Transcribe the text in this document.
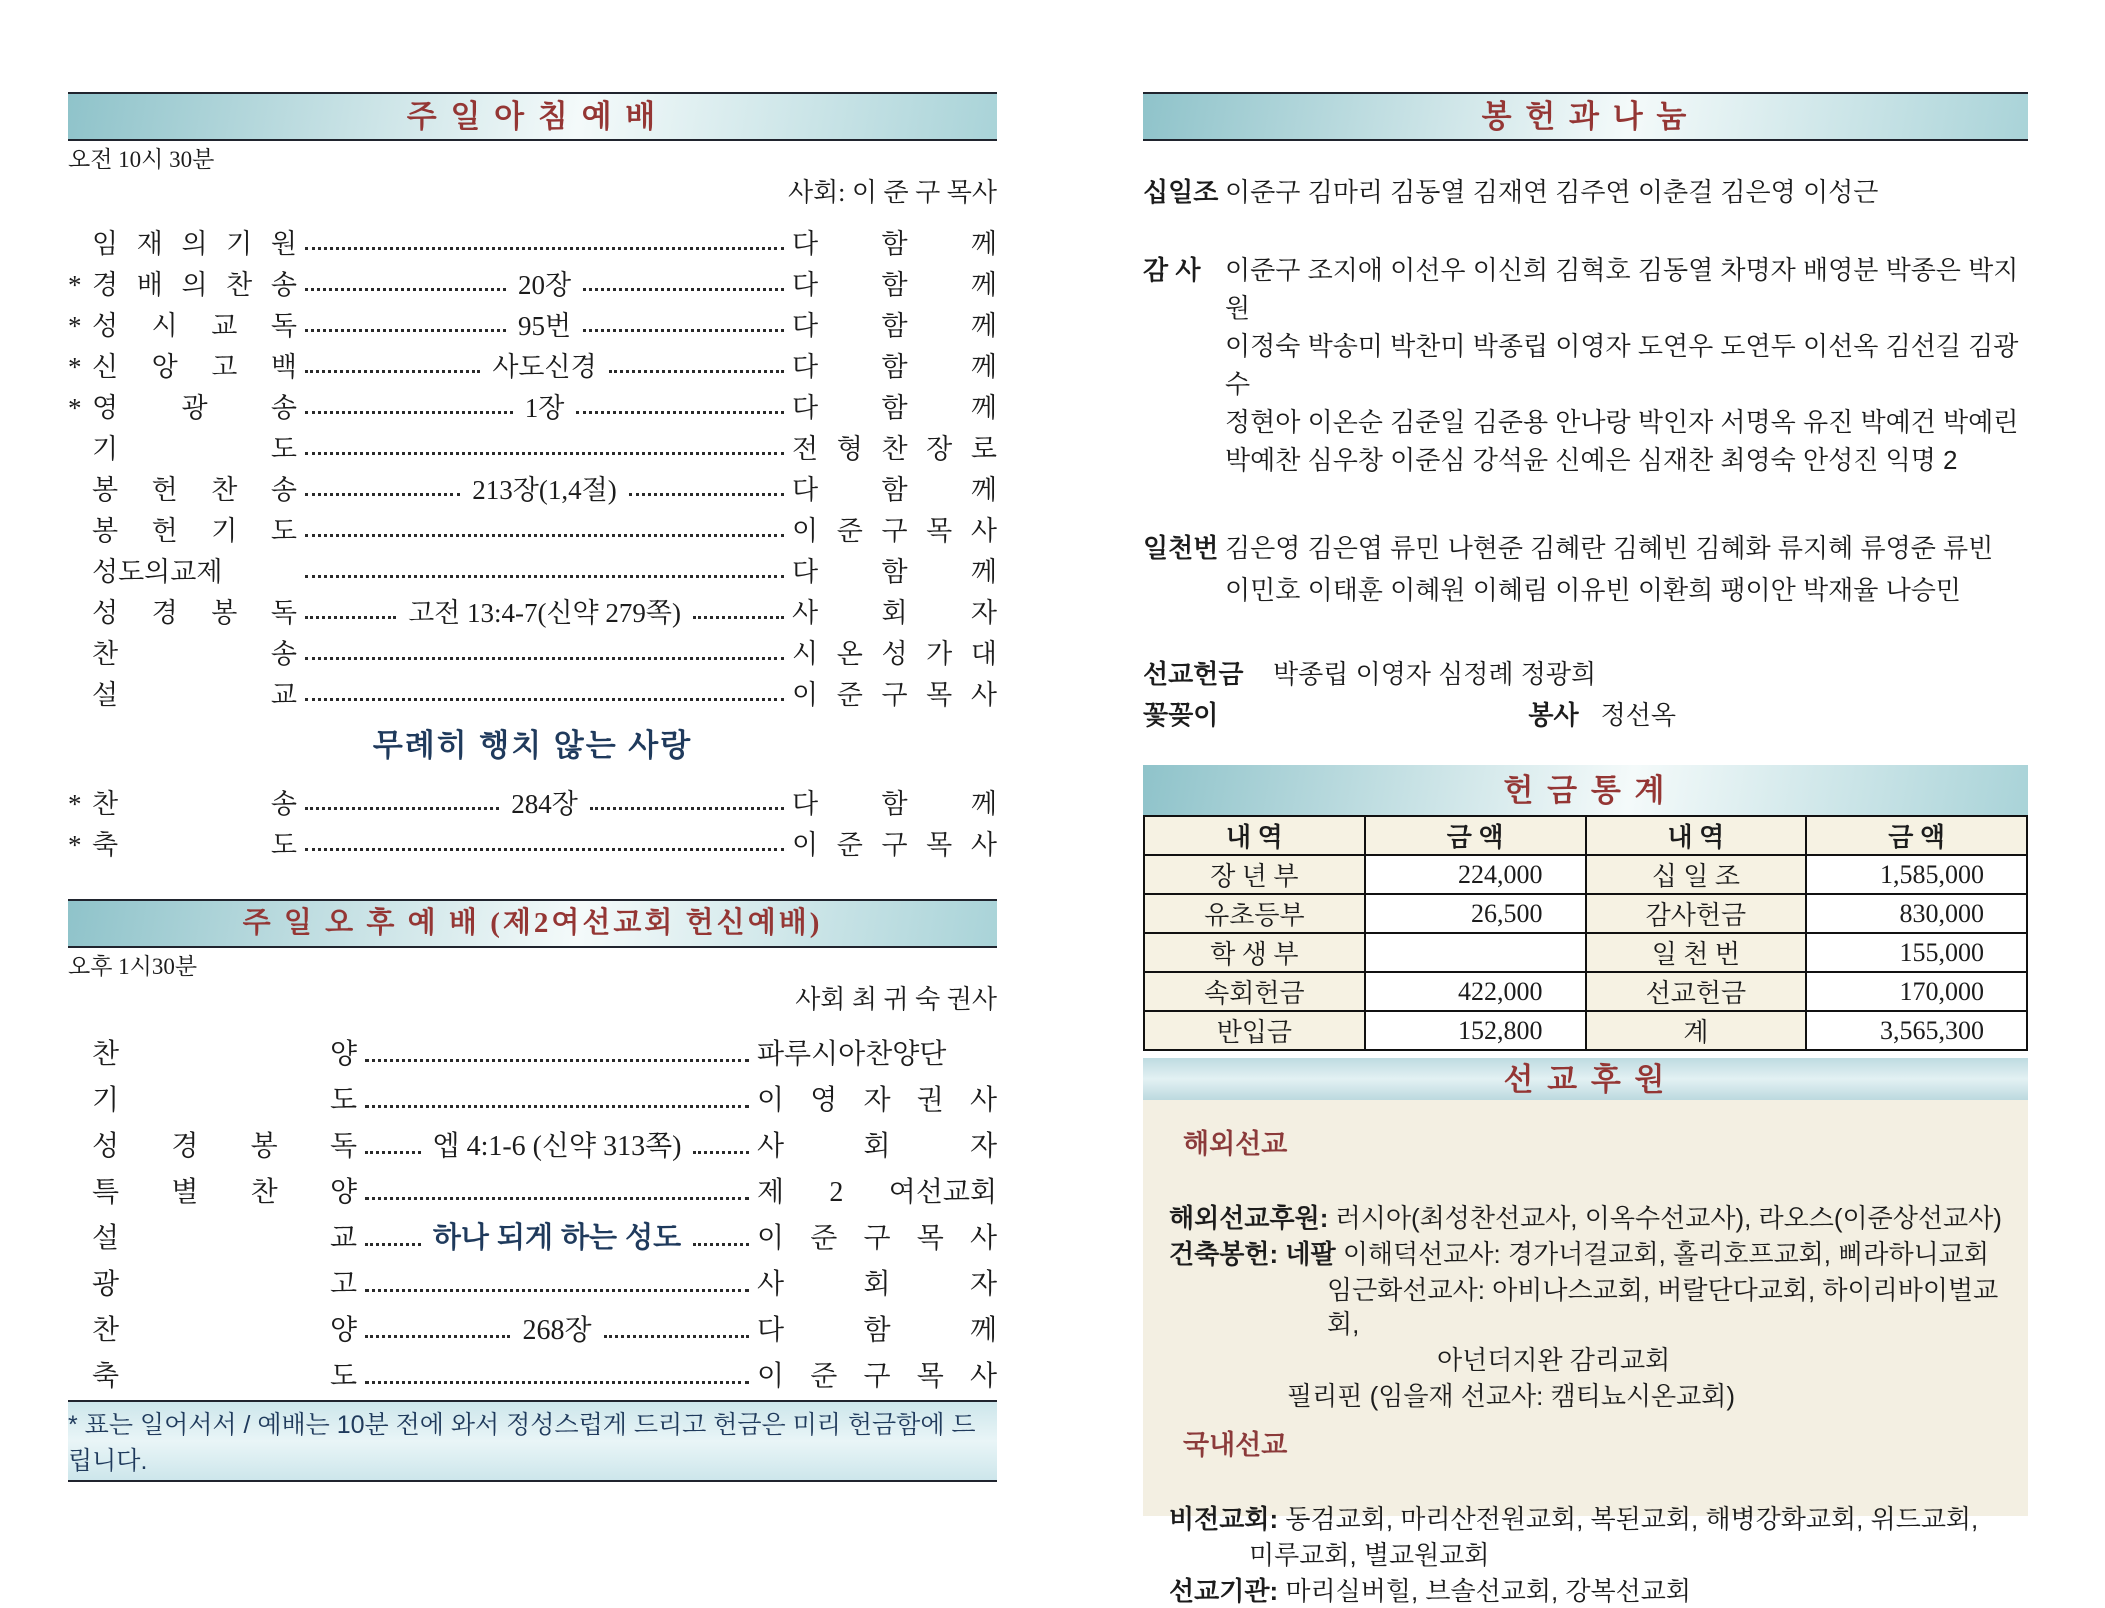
주 일 아 침 예 배
오전 10시 30분
사회: 이 준 구 목사
임 재 의 기 원	다 함 께
* 경 배 의 찬 송	20장	다 함 께
* 성 시 교 독	95번	다 함 께
* 신 앙 고 백	사도신경	다 함 께
* 영 광 송	1장	다 함 께
기 도	전 형 찬 장 로
봉 헌 찬 송	213장(1,4절)	다 함 께
봉 헌 기 도	이 준 구 목 사
성도의교제	다 함 께
성 경 봉 독	고전 13:4-7(신약 279쪽)	사 회 자
찬 송	시 온 성 가 대
설 교	이 준 구 목 사
무례히 행치 않는 사랑
* 찬 송	284장	다 함 께
* 축 도	이 준 구 목 사
주 일 오 후 예 배 (제2여선교회 헌신예배)
오후 1시30분
사회 최 귀 숙 권사
찬 양	파루시아찬양단
기 도	이 영 자 권 사
성 경 봉 독	엡 4:1-6 (신약 313쪽)	사 회 자
특 별 찬 양	제 2 여선교회
설 교	하나 되게 하는 성도	이 준 구 목 사
광 고	사 회 자
찬 양	268장	다 함 께
축 도	이 준 구 목 사
* 표는 일어서서 / 예배는 10분 전에 와서 정성스럽게 드리고 헌금은 미리 헌금함에 드립니다.
봉 헌 과 나 눔
십일조 이준구 김마리 김동열 김재연 김주연 이춘걸 김은영 이성근
감 사 이준구 조지애 이선우 이신희 김혁호 김동열 차명자 배영분 박종은 박지원
이정숙 박송미 박찬미 박종립 이영자 도연우 도연두 이선옥 김선길 김광수
정현아 이온순 김준일 김준용 안나랑 박인자 서명옥 유진 박예건 박예린
박예찬 심우창 이준심 강석윤 신예은 심재찬 최영숙 안성진 익명 2
일천번 김은영 김은엽 류민 나현준 김혜란 김혜빈 김혜화 류지혜 류영준 류빈
이민호 이태훈 이혜원 이혜림 이유빈 이환희 팽이안 박재율 나승민
선교헌금 박종립 이영자 심정례 정광희
꽃꽂이	봉사 정선옥
헌 금 통 계
내 역	금 액	내 역	금 액
장 년 부	224,000	십 일 조	1,585,000
유초등부	26,500	감사헌금	830,000
학 생 부		일 천 번	155,000
속회헌금	422,000	선교헌금	170,000
반입금	152,800	계	3,565,300
선 교 후 원
해외선교
해외선교후원: 러시아(최성찬선교사, 이옥수선교사), 라오스(이준상선교사)
건축봉헌: 네팔 이해덕선교사: 경가너걸교회, 홀리호프교회, 삐라하니교회
임근화선교사: 아비나스교회, 버랄단다교회, 하이리바이벌교회,
아넌더지완 감리교회
필리핀 (임을재 선교사: 캠티뇨시온교회)
국내선교
비전교회: 동검교회, 마리산전원교회, 복된교회, 해병강화교회, 위드교회,
미루교회, 별교원교회
선교기관: 마리실버힐, 브솔선교회, 강복선교회
